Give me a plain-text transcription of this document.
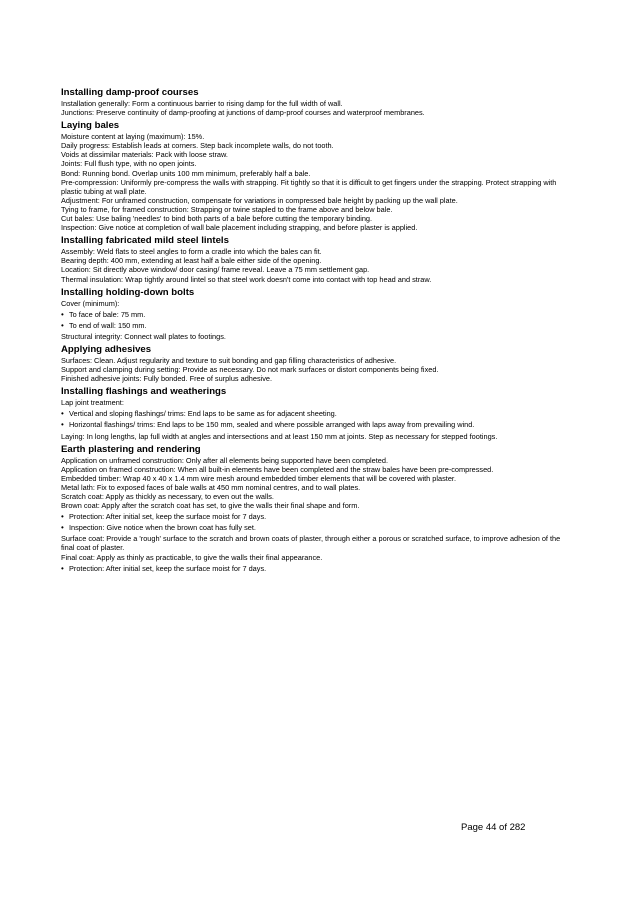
Installing damp-proof courses

Installation generally: Form a continuous barrier to rising damp for the full width of wall.

Junctions: Preserve continuity of damp-proofing at junctions of damp-proof courses and waterproof membranes.

Laying bales

Moisture content at laying (maximum): 15%.

Daily progress: Establish leads at corners. Step back incomplete walls, do not tooth.

Voids at dissimilar materials: Pack with loose straw.

Joints: Full flush type, with no open joints.

Bond: Running bond. Overlap units 100 mm minimum, preferably half a bale.

Pre-compression: Uniformly pre-compress the walls with strapping. Fit tightly so that it is difficult to get fingers under the strapping. Protect strapping with plastic tubing at wall plate.

Adjustment: For unframed construction, compensate for variations in compressed bale height by packing up the wall plate.

Tying to frame, for framed construction: Strapping or twine stapled to the frame above and below bale.

Cut bales: Use baling 'needles' to bind both parts of a bale before cutting the temporary binding.

Inspection: Give notice at completion of wall bale placement including strapping, and before plaster is applied.

Installing fabricated mild steel lintels

Assembly: Weld flats to steel angles to form a cradle into which the bales can fit.

Bearing depth: 400 mm, extending at least half a bale either side of the opening.

Location: Sit directly above window/ door casing/ frame reveal. Leave a 75 mm settlement gap.

Thermal insulation: Wrap tightly around lintel so that steel work doesn't come into contact with top head and straw.

Installing holding-down bolts

Cover (minimum):

• To face of bale: 75 mm.
• To end of wall: 150 mm.

Structural integrity: Connect wall plates to footings.

Applying adhesives

Surfaces: Clean. Adjust regularity and texture to suit bonding and gap filling characteristics of adhesive.

Support and clamping during setting: Provide as necessary. Do not mark surfaces or distort components being fixed.

Finished adhesive joints: Fully bonded. Free of surplus adhesive.

Installing flashings and weatherings

Lap joint treatment:

• Vertical and sloping flashings/ trims: End laps to be same as for adjacent sheeting.
• Horizontal flashings/ trims: End laps to be 150 mm, sealed and where possible arranged with laps away from prevailing wind.

Laying: In long lengths, lap full width at angles and intersections and at least 150 mm at joints. Step as necessary for stepped footings.

Earth plastering and rendering

Application on unframed construction: Only after all elements being supported have been completed.

Application on framed construction: When all built-in elements have been completed and the straw bales have been pre-compressed.

Embedded timber: Wrap 40 x 40 x 1.4 mm wire mesh around embedded timber elements that will be covered with plaster.

Metal lath: Fix to exposed faces of bale walls at 450 mm nominal centres, and to wall plates.

Scratch coat: Apply as thickly as necessary, to even out the walls.

Brown coat: Apply after the scratch coat has set, to give the walls their final shape and form.

• Protection: After initial set, keep the surface moist for 7 days.
• Inspection: Give notice when the brown coat has fully set.

Surface coat: Provide a 'rough' surface to the scratch and brown coats of plaster, through either a porous or scratched surface, to improve adhesion of the final coat of plaster.

Final coat: Apply as thinly as practicable, to give the walls their final appearance.

• Protection: After initial set, keep the surface moist for 7 days.
Page 44 of 282
